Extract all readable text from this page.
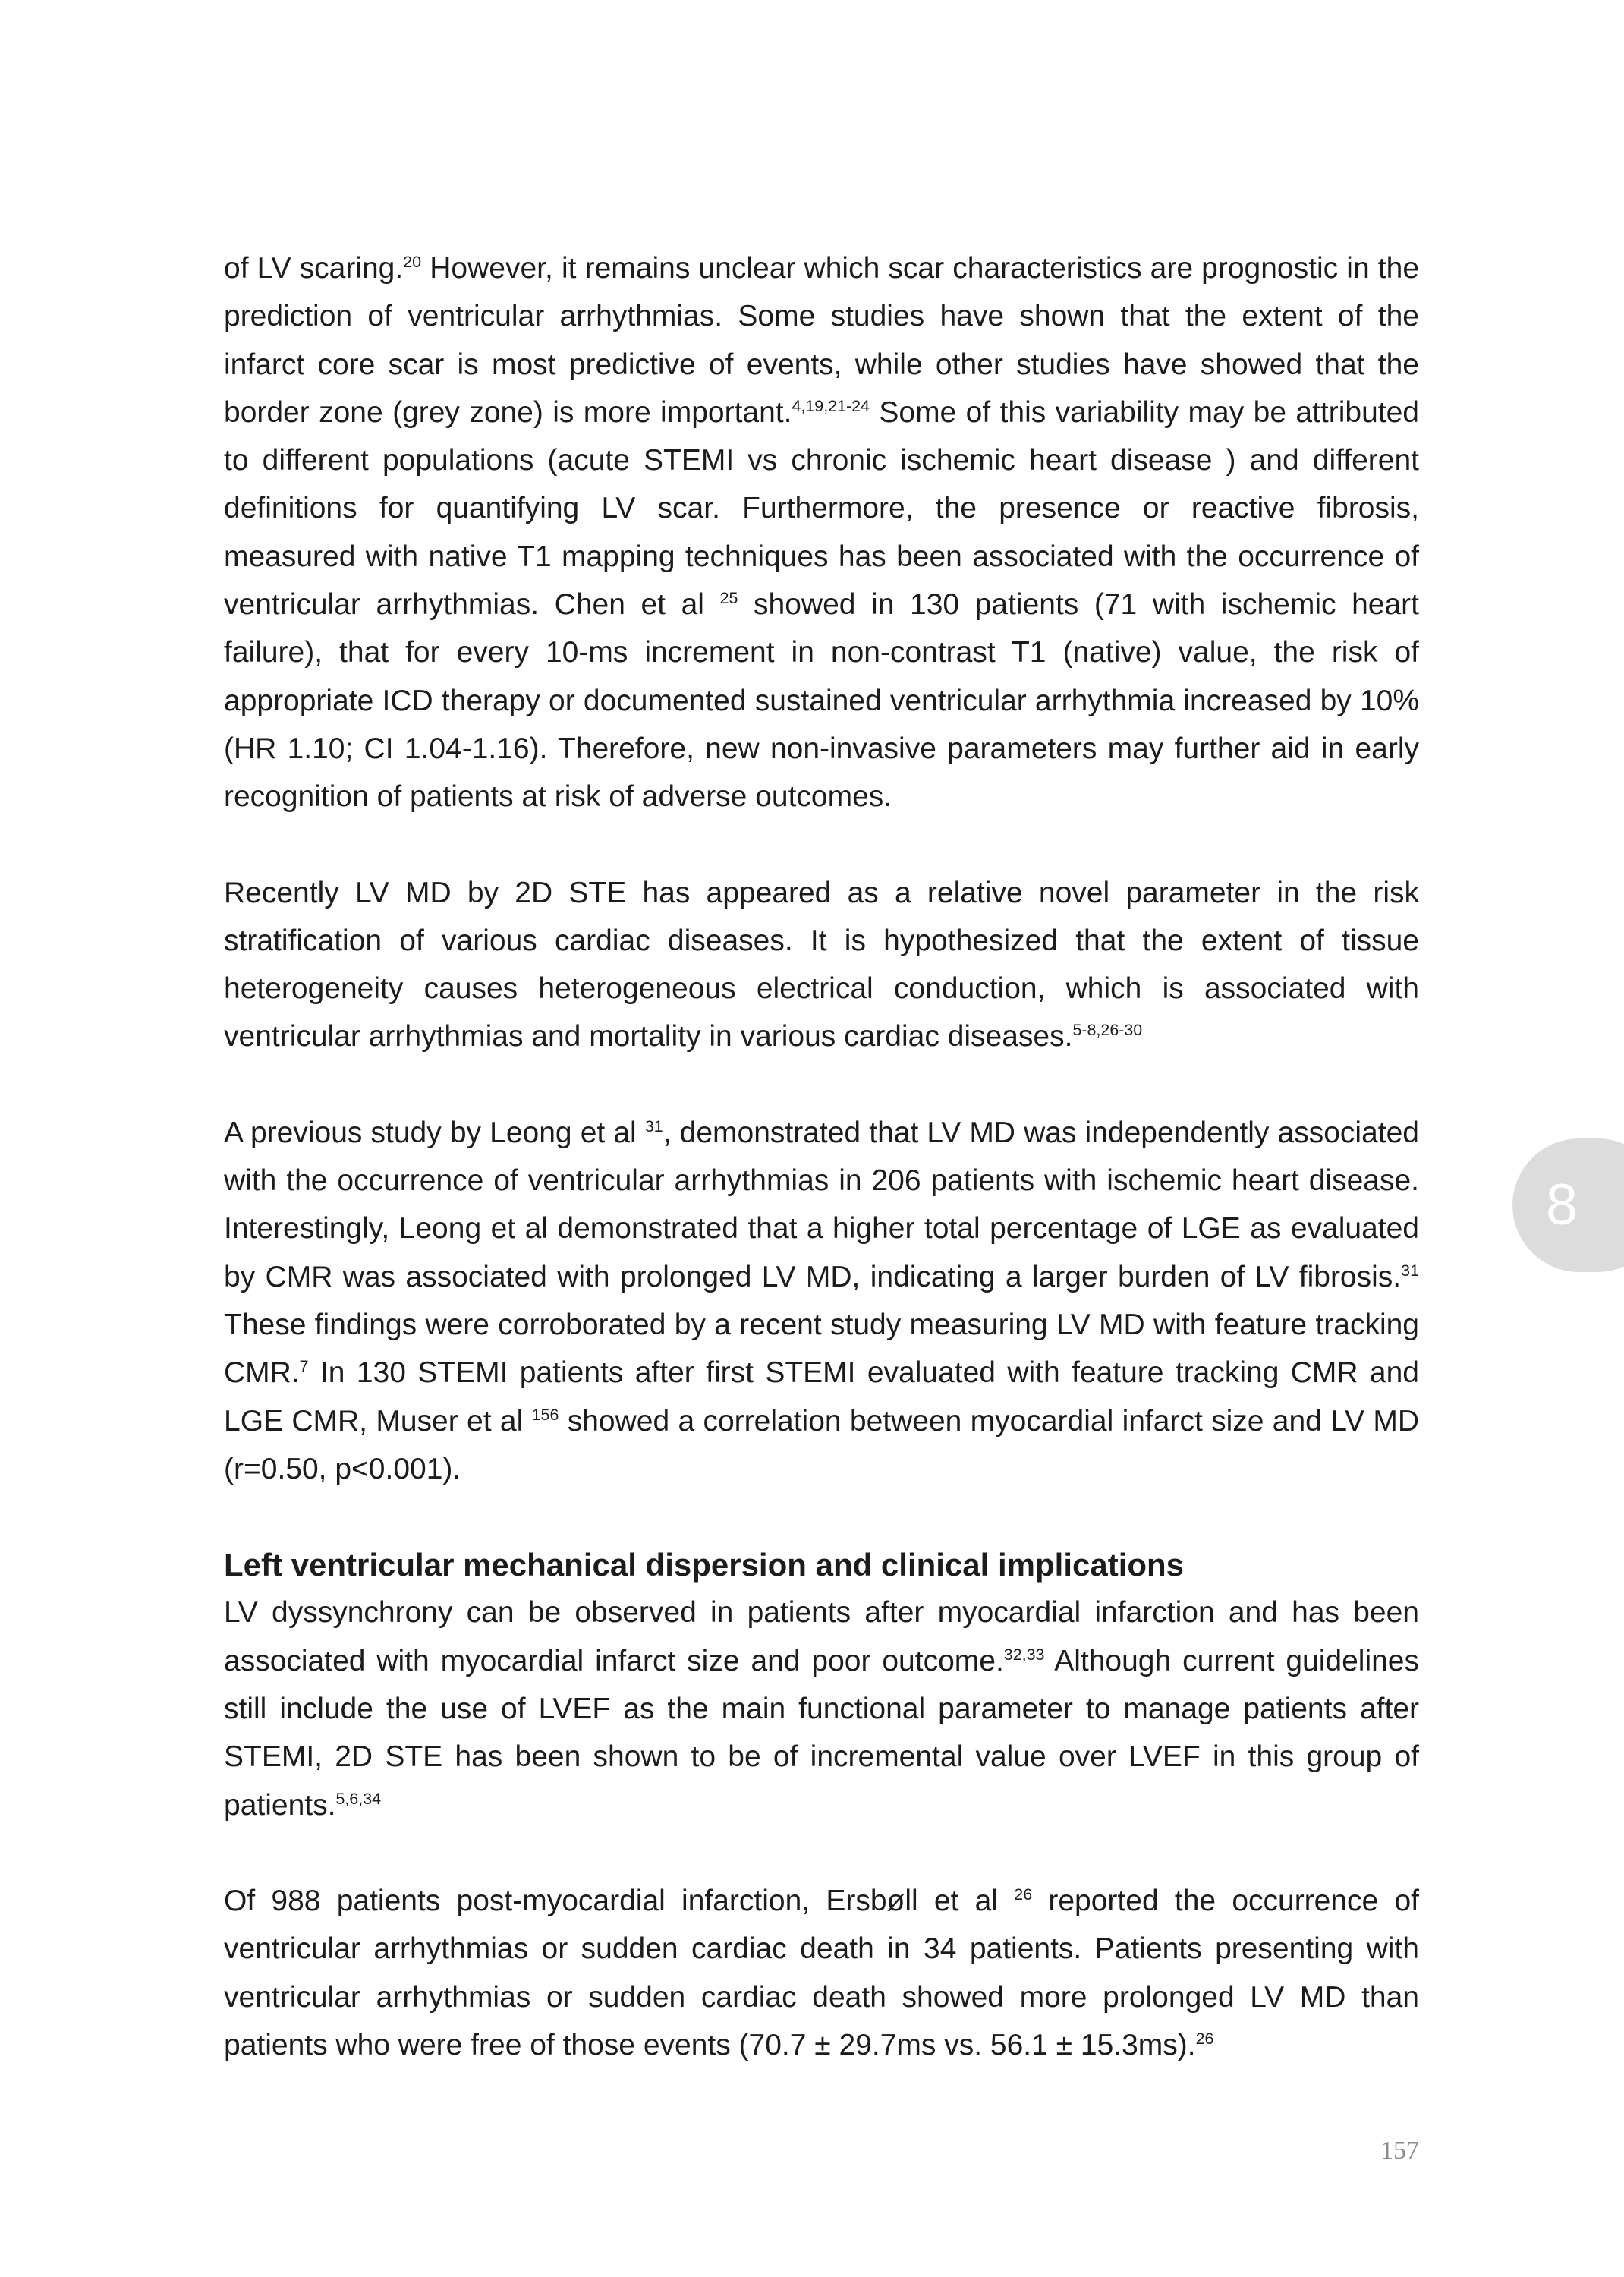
of LV scaring.$^{20}$ However, it remains unclear which scar characteristics are prognostic in the prediction of ventricular arrhythmias. Some studies have shown that the extent of the infarct core scar is most predictive of events, while other studies have showed that the border zone (grey zone) is more important.$^{4,19,21-24}$ Some of this variability may be attributed to different populations (acute STEMI vs chronic ischemic heart disease ) and different definitions for quantifying LV scar. Furthermore, the presence or reactive fibrosis, measured with native T1 mapping techniques has been associated with the occurrence of ventricular arrhythmias. Chen et al $^{25}$ showed in 130 patients (71 with ischemic heart failure), that for every 10-ms increment in non-contrast T1 (native) value, the risk of appropriate ICD therapy or documented sustained ventricular arrhythmia increased by 10% (HR 1.10; CI 1.04-1.16). Therefore, new non-invasive parameters may further aid in early recognition of patients at risk of adverse outcomes.

Recently LV MD by 2D STE has appeared as a relative novel parameter in the risk stratification of various cardiac diseases. It is hypothesized that the extent of tissue heterogeneity causes heterogeneous electrical conduction, which is associated with ventricular arrhythmias and mortality in various cardiac diseases.$^{5-8,26-30}$

A previous study by Leong et al $^{31}$, demonstrated that LV MD was independently associated with the occurrence of ventricular arrhythmias in 206 patients with ischemic heart disease. Interestingly, Leong et al demonstrated that a higher total percentage of LGE as evaluated by CMR was associated with prolonged LV MD, indicating a larger burden of LV fibrosis.$^{31}$ These findings were corroborated by a recent study measuring LV MD with feature tracking CMR.$^7$ In 130 STEMI patients after first STEMI evaluated with feature tracking CMR and LGE CMR, Muser et al $^{156}$ showed a correlation between myocardial infarct size and LV MD (r=0.50, p<0.001).

Left ventricular mechanical dispersion and clinical implications

LV dyssynchrony can be observed in patients after myocardial infarction and has been associated with myocardial infarct size and poor outcome.$^{32,33}$ Although current guidelines still include the use of LVEF as the main functional parameter to manage patients after STEMI, 2D STE has been shown to be of incremental value over LVEF in this group of patients.$^{5,6,34}$

Of 988 patients post-myocardial infarction, Ersbøll et al $^{26}$ reported the occurrence of ventricular arrhythmias or sudden cardiac death in 34 patients. Patients presenting with ventricular arrhythmias or sudden cardiac death showed more prolonged LV MD than patients who were free of those events (70.7 ± 29.7ms vs. 56.1 ± 15.3ms).$^{26}$

8
157
